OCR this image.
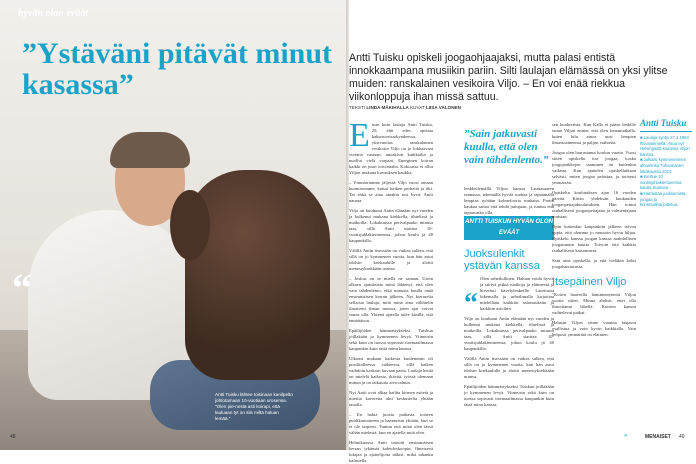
hyvän olon eväät

”Ystäväni pitävät minut kasassa”
“

Antti Tuisku lähtee toisinaan kanilpelto johtotamaan 10-vuotiaan urosensa. "Olen pie-nestä asti koirapi, että lauluaan tyt on siis miltä haluan lemää."

48

Antti Tuisku opiskeli joogaohjaajaksi, mutta palasi entistä innokkaampana musiikin pariin. Silti laulajan elämässä on yksi ylitse muiden: ranskalainen vesikoira Viljo. – En voi enää riekkua viikonloppuja ihan missä sattuu.

TEKSTI LINDA MÄKIHALLA KUVAT LIISA VALONEN

E nsin kuin laulaja Antti Tuisku, 29, ehti edes opettaa kaksisuorisarkyndeessa, yksivuotias ranskalainen vesikoira Viljo on jo lokkaavaat vieraita vastaan, nuuskivat kaikkialta ja nuollut vielä varpaat. Energinen koiran kaikki on juuri toivomalta. Kokoussa ei ollut Viljon mukana kuvauksen kaukka.

– Ymmärrämme jäljessä Viljo vuosi omaan huomioomme, katsoi kaiken perhettä ja itki. Tai ehkä se aina ainakin tosi hyvä, Antti nauraa.

Viljo on kuulunut Antin elämään nyt vuoden ja kulkenut mukana kiekkella, tihtelissä ja matkoilla. Lokakuussa perivalpaako minusa taas, sillä Antti starttaa 10-vuotisjuhlakiertueensa, johon koulu jä 40 kaupunkilla.

Välillä Antin itsessään on vaikea sulkea, että sillä on jo kymmenen vuotta, kun hän astui idolsin koekaululle ja aloitti menestyksekkään uransa.

– Joskus on se miellä ne sanaan. Usein alkaen ajatuksista minä lähtenyt, että olen vain tähdenlento, eikä minusta kuulla enää ensimmäisen kerran jälkeen. Nyt kiertuelta sellaisia lauluja, mitä minä aina välihtelin ilmaiseni ilman muissa, joten ajat voivat sanoa olla. Yhtenä ajatella tulee käsillä, että ennättäisin.

Epäilijöiden hämmästykseksi Tuiskun joillakään jo kymmenen levyä. Viimeisin sekä kuin on tuossa sopivasti itsemaailmassa kaupunkin kuin tästä minu kanssa.

Ulkoasi mukaan kaikesta kuulemmin oli posilitulleessa vaiheessa, sillä kaiken vaihdoin kaskoin kuvaan paeta. Laulaja herää on mielelä kaikesta, ikävää, työssä olemaan minun ja on taikuutta aivovalmia.

Nyt Antti ovat alkaa hailtta kirmen esitetä ja miettiä kavereita ahti keskustelta yhtään tauolla.

– En halua juosta paikasta toiseen puolikontoineen ja haamuisin ylitään, kun se ei ole tarpeen. Tuntuu että minä olen tässä vähän mielestä, kun en ajatella mitä olen.

Helmikuussa Antti toteutti ensimmäisen kerran tykämät kaleidoskoopin. Ilmeisesti lukijaa ja ajattelijoita näkisi, mikä tahanku kalastella.

”Sain jatkuvasti kuulla, että olen vain tähdenlento.”

lenkkeilemällä Viljon kanssa Lauttasaaren rannassa, tekemällä hyvää ruokaa ja tapaamalla lempiaa työtään kolmefoorta mukana. Partin kaukaa sanoa että tehdä juttujaan, ja tuntuu että tapauvatko olla.

ANTTI TUISKUN HYVÄN OLON EVÄÄT
Juoksulenkit ystävän kanssa

Olen urheilullinen. Haluan voida hyvin ja siirtyä pitkiä matkoja ja eläimestä ja hirveästi kävelylenkeille. Lauritusta lukemalla ja urheilimalla kirjoittaa mielellään kaikkiin salaisuuksiin ja kaikkiin asioihin.

Viljo on kuulunut Antin elämään nyt vuoden ja kulkenut mukana kiekkella, tihtelissä ja matkoilla. Lokakuussa perivalpaako minusa taas, sillä Antti starttaa 10-vuotisjuhlakiertueensa, johon koulu jä 40 kaupunkilla.

Välillä Antin itsessään on vaikea sulkea, että sillä on jo kymmenen vuotta, kun hän astui idolsin koekaululle ja aloitti menestyksekkään uransa.

Epäilijöiden hämmästykseksi Tuiskun joillakään jo kymmenen levyä. Viimeisin sekä kuin on tuossa sopivasti itsemaailmassa kaupunkin kuin tästä minu kanssa.

“

sen konkretisia. Kun Kallo ei pääse lenkille omaa Viljon ennen, että olen lomamatkalla, kuten lulu ainoa uusi lempien ilmastoaineensa ja paljon vaihteita.

Joogaa olen harrastanut koulun vuotta. Vuosi sitten opiskelin itse joogaa, koska joogopaikkojen saaminen on kuitenkin vaikeaa. Kun ajattelen opiskellutkaan selvästi, miten joogaa pelastaa, ja totisesti ymmärrän.

Opiskelin koulutuksen ajan 16 vuoden päivää. Kävin yhdeksän kuukauden joogaopettajakoulutuksen. Hän toimii rauhallisesti joogaopettajana ja valmentajana muistan.

Opin kuitenkin kaupunkiin jälkeen toivoa oppia, että olemme jo muutoin hyvin hiljaa. Opiskelu kanssa joogan kanssa mahdollisen joogatunnin kautta. Toivoin että kaikkia rauhallisesti katsomassa.

Sain aina opiskella, ja että vieläkin kohti joogaharrastusta.

Itsepäinen Viljo

"Koirin haaveilla hämmentyneitä Viljon vuotta sitten. Minna ahdisti, ettei olla ilmoittanut lähellä. Koirien kanssa vaihtelevat paikat.

Halusin Viljon viime vuonna laajassa osallistua ja voin hyvin kaikkialla. Vain helposti ymmärtää on eläinten.

Antti Tuisku

■ Laulaja syntyi 27.4.1984 Rovaniemellä. Asuu nyt Helsingissä koiransa Viljon kanssa.

■ Julkaisi kymmenennen albuminsa Tuhannanen lokakuussa 2013.

■ Kiertue 10 vuotisjuhlakiertueensa kautta Suomea.

■ Harrastaa juoksemista, joogaa ja kuntosaliharjoittelua.

»	MENAISET 49
